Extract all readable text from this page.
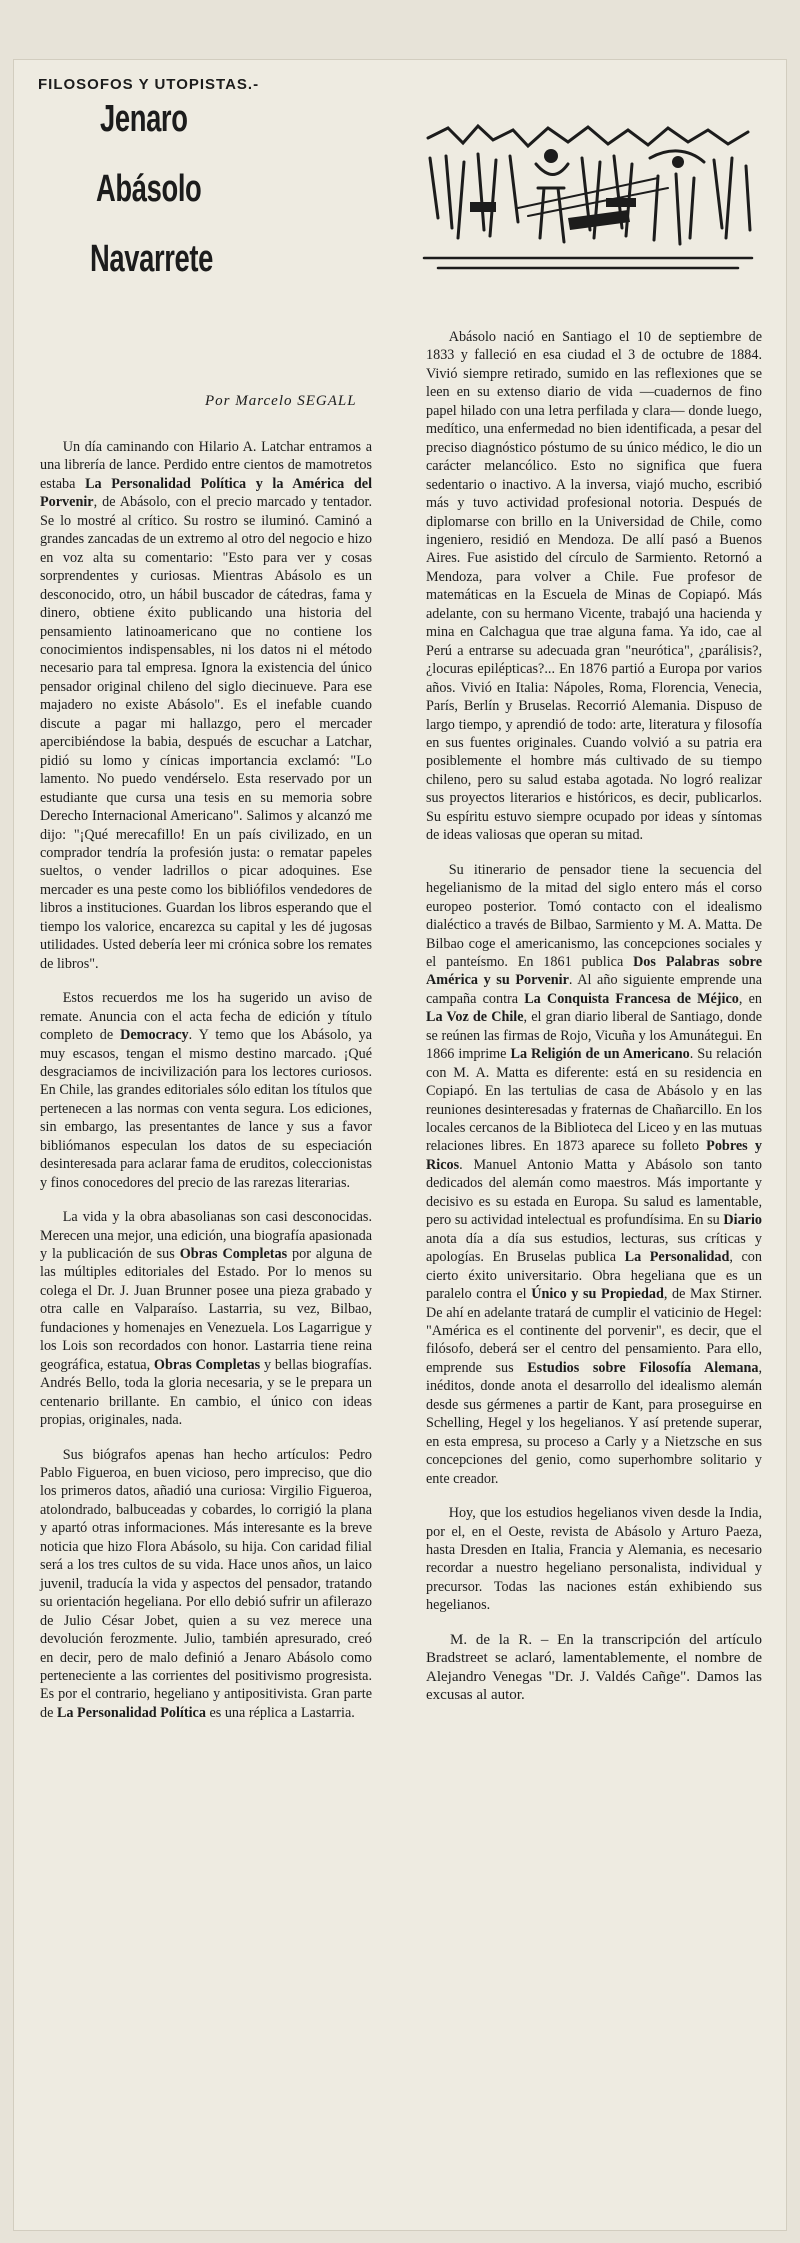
FILOSOFOS Y UTOPISTAS.-
Jenaro
Abásolo
Navarrete
Por Marcelo SEGALL

Un día caminando con Hilario A. Latchar entramos a una librería de lance. Perdido entre cientos de mamotretos estaba La Personalidad Política y la América del Porvenir, de Abásolo, con el precio marcado y tentador. Se lo mostré al crítico. Su rostro se iluminó. Caminó a grandes zancadas de un extremo al otro del negocio e hizo en voz alta su comentario: "Esto para ver y cosas sorprendentes y curiosas. Mientras Abásolo es un desconocido, otro, un hábil buscador de cátedras, fama y dinero, obtiene éxito publicando una historia del pensamiento latinoamericano que no contiene los conocimientos indispensables, ni los datos ni el método necesario para tal empresa. Ignora la existencia del único pensador original chileno del siglo diecinueve. Para ese majadero no existe Abásolo". Es el inefable cuando discute a pagar mi hallazgo, pero el mercader apercibiéndose la babia, después de escuchar a Latchar, pidió su lomo y cínicas importancia exclamó: "Lo lamento. No puedo vendérselo. Esta reservado por un estudiante que cursa una tesis en su memoria sobre Derecho Internacional Americano". Salimos y alcanzó me dijo: "¡Qué merecafillo! En un país civilizado, en un comprador tendría la profesión justa: o rematar papeles sueltos, o vender ladrillos o picar adoquines. Ese mercader es una peste como los bibliófilos vendedores de libros a instituciones. Guardan los libros esperando que el tiempo los valorice, encarezca su capital y les dé jugosas utilidades. Usted debería leer mi crónica sobre los remates de libros".

Estos recuerdos me los ha sugerido un aviso de remate. Anuncia con el acta fecha de edición y título completo de Democracy. Y temo que los Abásolo, ya muy escasos, tengan el mismo destino marcado. ¡Qué desgraciamos de incivilización para los lectores curiosos. En Chile, las grandes editoriales sólo editan los títulos que pertenecen a las normas con venta segura. Los ediciones, sin embargo, las presentantes de lance y sus a favor bibliómanos especulan los datos de su especiación desinteresada para aclarar fama de eruditos, coleccionistas y finos conocedores del precio de las rarezas literarias.

La vida y la obra abasolianas son casi desconocidas. Merecen una mejor, una edición, una biografía apasionada y la publicación de sus Obras Completas por alguna de las múltiples editoriales del Estado. Por lo menos su colega el Dr. J. Juan Brunner posee una pieza grabado y otra calle en Valparaíso. Lastarria, su vez, Bilbao, fundaciones y homenajes en Venezuela. Los Lagarrigue y los Lois son recordados con honor. Lastarria tiene reina geográfica, estatua, Obras Completas y bellas biografías. Andrés Bello, toda la gloria necesaria, y se le prepara un centenario brillante. En cambio, el único con ideas propias, originales, nada.

Sus biógrafos apenas han hecho artículos: Pedro Pablo Figueroa, en buen vicioso, pero impreciso, que dio los primeros datos, añadió una curiosa: Virgilio Figueroa, atolondrado, balbuceadas y cobardes, lo corrigió la plana y apartó otras informaciones. Más interesante es la breve noticia que hizo Flora Abásolo, su hija. Con caridad filial será a los tres cultos de su vida. Hace unos años, un laico juvenil, traducía la vida y aspectos del pensador, tratando su orientación hegeliana. Por ello debió sufrir un afilerazo de Julio César Jobet, quien a su vez merece una devolución ferozmente. Julio, también apresurado, creó en decir, pero de malo definió a Jenaro Abásolo como perteneciente a las corrientes del positivismo progresista. Es por el contrario, hegeliano y antipositivista. Gran parte de La Personalidad Política es una réplica a Lastarria.

Abásolo nació en Santiago el 10 de septiembre de 1833 y falleció en esa ciudad el 3 de octubre de 1884. Vivió siempre retirado, sumido en las reflexiones que se leen en su extenso diario de vida —cuadernos de fino papel hilado con una letra perfilada y clara— donde luego, medítico, una enfermedad no bien identificada, a pesar del preciso diagnóstico póstumo de su único médico, le dio un carácter melancólico. Esto no significa que fuera sedentario o inactivo. A la inversa, viajó mucho, escribió más y tuvo actividad profesional notoria. Después de diplomarse con brillo en la Universidad de Chile, como ingeniero, residió en Mendoza. De allí pasó a Buenos Aires. Fue asistido del círculo de Sarmiento. Retornó a Mendoza, para volver a Chile. Fue profesor de matemáticas en la Escuela de Minas de Copiapó. Más adelante, con su hermano Vicente, trabajó una hacienda y mina en Calchagua que trae alguna fama. Ya ido, cae al Perú a entrarse su adecuada gran "neurótica", ¿parálisis?, ¿locuras epilépticas?... En 1876 partió a Europa por varios años. Vivió en Italia: Nápoles, Roma, Florencia, Venecia, París, Berlín y Bruselas. Recorrió Alemania. Dispuso de largo tiempo, y aprendió de todo: arte, literatura y filosofía en sus fuentes originales. Cuando volvió a su patria era posiblemente el hombre más cultivado de su tiempo chileno, pero su salud estaba agotada. No logró realizar sus proyectos literarios e históricos, es decir, publicarlos. Su espíritu estuvo siempre ocupado por ideas y síntomas de ideas valiosas que operan su mitad.

Su itinerario de pensador tiene la secuencia del hegelianismo de la mitad del siglo entero más el corso europeo posterior. Tomó contacto con el idealismo dialéctico a través de Bilbao, Sarmiento y M. A. Matta. De Bilbao coge el americanismo, las concepciones sociales y el panteísmo. En 1861 publica Dos Palabras sobre América y su Porvenir. Al año siguiente emprende una campaña contra La Conquista Francesa de Méjico, en La Voz de Chile, el gran diario liberal de Santiago, donde se reúnen las firmas de Rojo, Vicuña y los Amunátegui. En 1866 imprime La Religión de un Americano. Su relación con M. A. Matta es diferente: está en su residencia en Copiapó. En las tertulias de casa de Abásolo y en las reuniones desinteresadas y fraternas de Chañarcillo. En los locales cercanos de la Biblioteca del Liceo y en las mutuas relaciones libres. En 1873 aparece su folleto Pobres y Ricos. Manuel Antonio Matta y Abásolo son tanto dedicados del alemán como maestros. Más importante y decisivo es su estada en Europa. Su salud es lamentable, pero su actividad intelectual es profundísima. En su Diario anota día a día sus estudios, lecturas, sus críticas y apologías. En Bruselas publica La Personalidad, con cierto éxito universitario. Obra hegeliana que es un paralelo contra el Único y su Propiedad, de Max Stirner. De ahí en adelante tratará de cumplir el vaticinio de Hegel: "América es el continente del porvenir", es decir, que el filósofo, deberá ser el centro del pensamiento. Para ello, emprende sus Estudios sobre Filosofía Alemana, inéditos, donde anota el desarrollo del idealismo alemán desde sus gérmenes a partir de Kant, para proseguirse en Schelling, Hegel y los hegelianos. Y así pretende superar, en esta empresa, su proceso a Carly y a Nietzsche en sus concepciones del genio, como superhombre solitario y ente creador.

Hoy, que los estudios hegelianos viven desde la India, por el, en el Oeste, revista de Abásolo y Arturo Paeza, hasta Dresden en Italia, Francia y Alemania, es necesario recordar a nuestro hegeliano personalista, individual y precursor. Todas las naciones están exhibiendo sus hegelianos.

M. de la R. – En la transcripción del artículo Bradstreet se aclaró, lamentablemente, el nombre de Alejandro Venegas "Dr. J. Valdés Cañge". Damos las excusas al autor.
